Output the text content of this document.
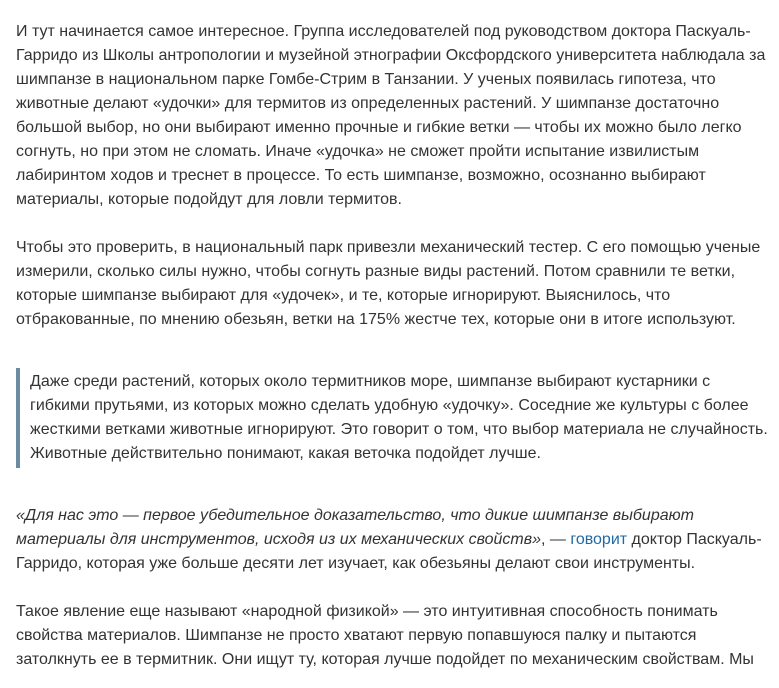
И тут начинается самое интересное. Группа исследователей под руководством доктора Паскуаль-Гарридо из Школы антропологии и музейной этнографии Оксфордского университета наблюдала за шимпанзе в национальном парке Гомбе-Стрим в Танзании. У ученых появилась гипотеза, что животные делают «удочки» для термитов из определенных растений. У шимпанзе достаточно большой выбор, но они выбирают именно прочные и гибкие ветки — чтобы их можно было легко согнуть, но при этом не сломать. Иначе «удочка» не сможет пройти испытание извилистым лабиринтом ходов и треснет в процессе. То есть шимпанзе, возможно, осознанно выбирают материалы, которые подойдут для ловли термитов.

Чтобы это проверить, в национальный парк привезли механический тестер. С его помощью ученые измерили, сколько силы нужно, чтобы согнуть разные виды растений. Потом сравнили те ветки, которые шимпанзе выбирают для «удочек», и те, которые игнорируют. Выяснилось, что отбракованные, по мнению обезьян, ветки на 175% жестче тех, которые они в итоге используют.

Даже среди растений, которых около термитников море, шимпанзе выбирают кустарники с гибкими прутьями, из которых можно сделать удобную «удочку». Соседние же культуры с более жесткими ветками животные игнорируют. Это говорит о том, что выбор материала не случайность. Животные действительно понимают, какая веточка подойдет лучше.

«Для нас это — первое убедительное доказательство, что дикие шимпанзе выбирают материалы для инструментов, исходя из их механических свойств», — говорит доктор Паскуаль-Гарридо, которая уже больше десяти лет изучает, как обезьяны делают свои инструменты.

Такое явление еще называют «народной физикой» — это интуитивная способность понимать свойства материалов. Шимпанзе не просто хватают первую попавшуюся палку и пытаются затолкнуть ее в термитник. Они ищут ту, которая лучше подойдет по механическим свойствам. Мы
